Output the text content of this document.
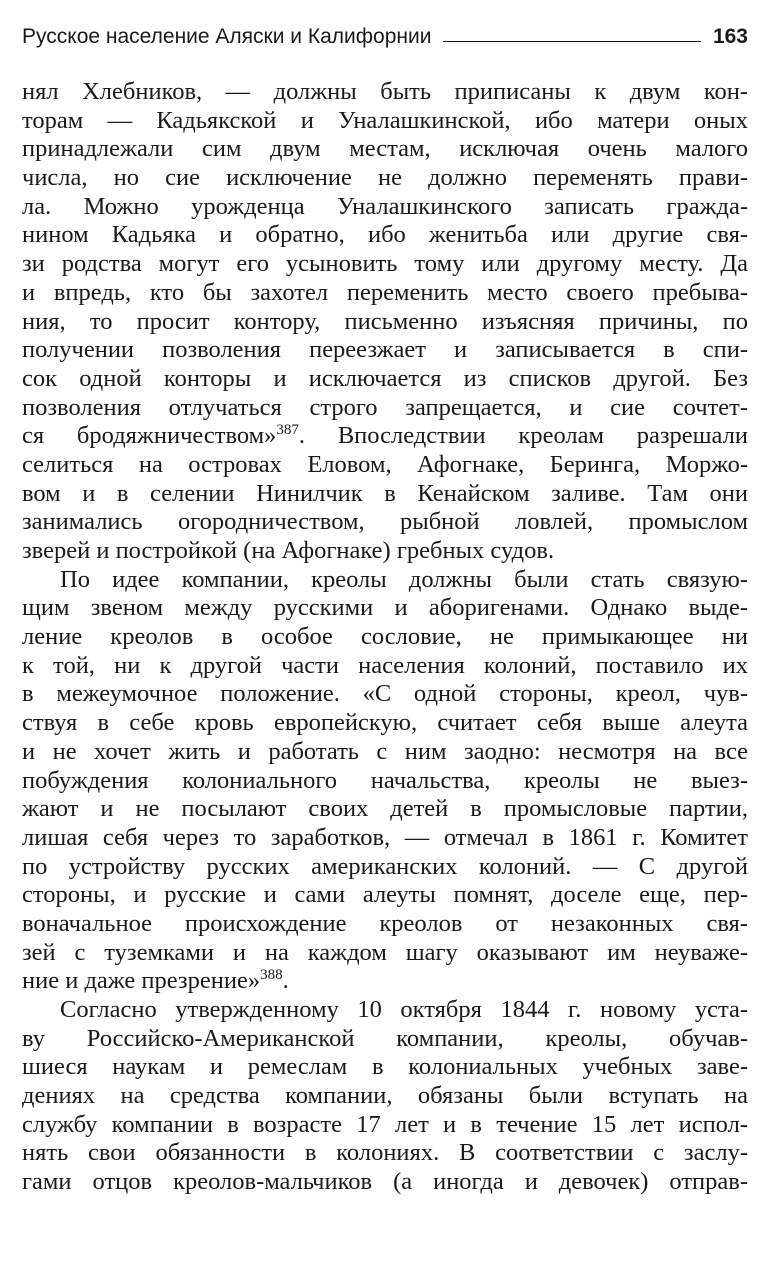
Русское население Аляски и Калифорнии	163
нял Хлебников, — должны быть приписаны к двум кон-
торам — Кадьякской и Уналашкинской, ибо матери оных
принадлежали сим двум местам, исключая очень малого
числа, но сие исключение не должно переменять прави-
ла. Можно урожденца Уналашкинского записать гражда-
нином Кадьяка и обратно, ибо женитьба или другие свя-
зи родства могут его усыновить тому или другому месту. Да
и впредь, кто бы захотел переменить место своего пребыва-
ния, то просит контору, письменно изъясняя причины, по
получении позволения переезжает и записывается в спи-
сок одной конторы и исключается из списков другой. Без
позволения отлучаться строго запрещается, и сие сочтет-
ся бродяжничеством»$^{387}$. Впоследствии креолам разрешали
селиться на островах Еловом, Афогнаке, Беринга, Моржо-
вом и в селении Нинилчик в Кенайском заливе. Там они
занимались огородничеством, рыбной ловлей, промыслом
зверей и постройкой (на Афогнаке) гребных судов.
По идее компании, креолы должны были стать связую-
щим звеном между русскими и аборигенами. Однако выде-
ление креолов в особое сословие, не примыкающее ни
к той, ни к другой части населения колоний, поставило их
в межеумочное положение. «С одной стороны, креол, чув-
ствуя в себе кровь европейскую, считает себя выше алеута
и не хочет жить и работать с ним заодно: несмотря на все
побуждения колониального начальства, креолы не выез-
жают и не посылают своих детей в промысловые партии,
лишая себя через то заработков, — отмечал в 1861 г. Комитет
по устройству русских американских колоний. — С другой
стороны, и русские и сами алеуты помнят, доселе еще, пер-
воначальное происхождение креолов от незаконных свя-
зей с туземками и на каждом шагу оказывают им неуваже-
ние и даже презрение»$^{388}$.
Согласно утвержденному 10 октября 1844 г. новому уста-
ву Российско-Американской компании, креолы, обучав-
шиеся наукам и ремеслам в колониальных учебных заве-
дениях на средства компании, обязаны были вступать на
службу компании в возрасте 17 лет и в течение 15 лет испол-
нять свои обязанности в колониях. В соответствии с заслу-
гами отцов креолов-мальчиков (а иногда и девочек) отправ-
